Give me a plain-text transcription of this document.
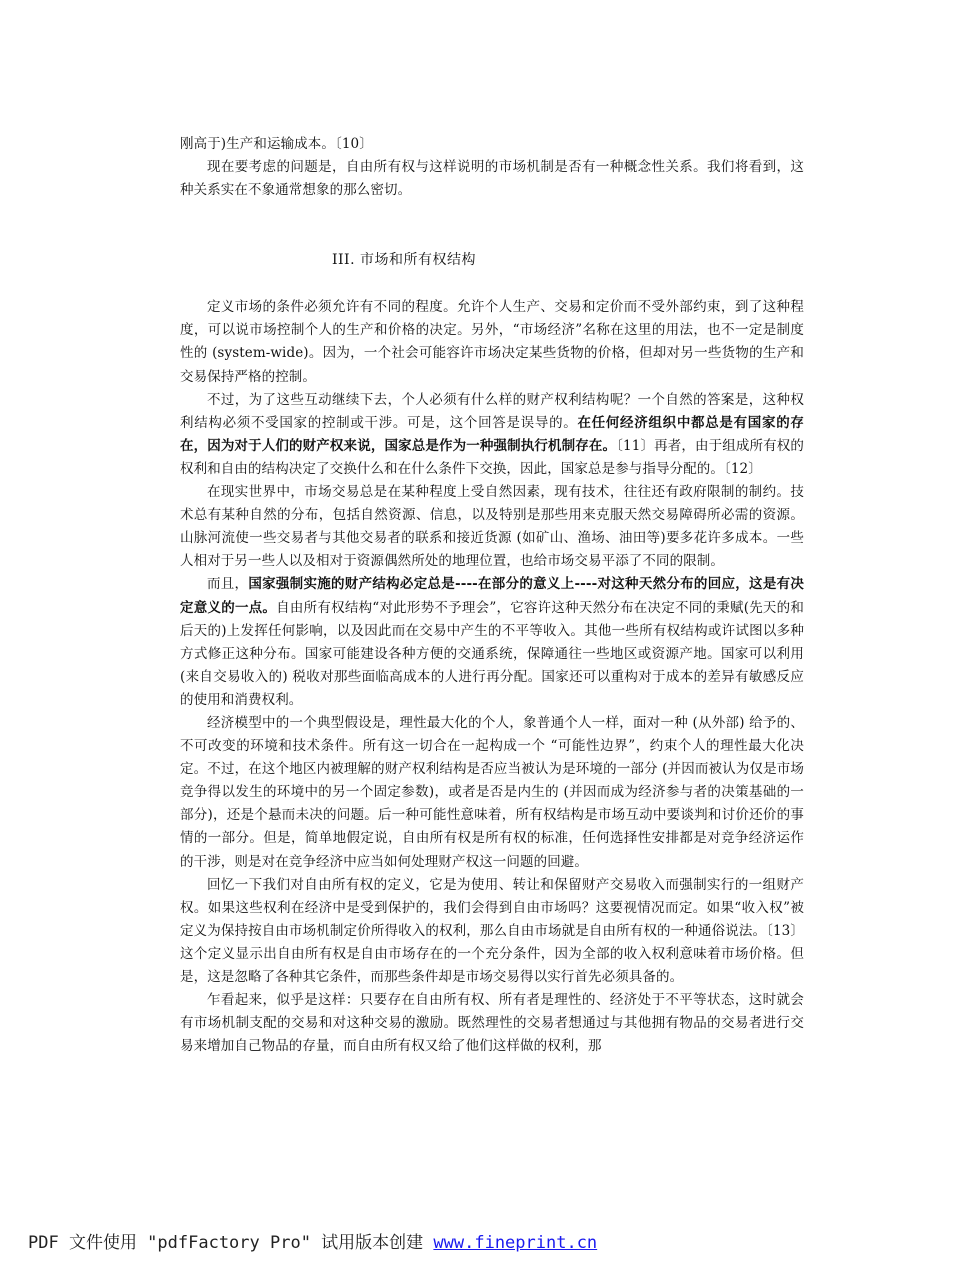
刚高于)生产和运输成本。〔10〕

现在要考虑的问题是，自由所有权与这样说明的市场机制是否有一种概念性关系。我们将看到，这种关系实在不象通常想象的那么密切。

III. 市场和所有权结构

定义市场的条件必须允许有不同的程度。允许个人生产、交易和定价而不受外部约束，到了这种程度，可以说市场控制个人的生产和价格的决定。另外，“市场经济”名称在这里的用法，也不一定是制度性的 (system-wide)。因为，一个社会可能容许市场决定某些货物的价格，但却对另一些货物的生产和交易保持严格的控制。

不过，为了这些互动继续下去，个人必须有什么样的财产权利结构呢？一个自然的答案是，这种权利结构必须不受国家的控制或干涉。可是，这个回答是误导的。在任何经济组织中都总是有国家的存在，因为对于人们的财产权来说，国家总是作为一种强制执行机制存在。〔11〕再者，由于组成所有权的权利和自由的结构决定了交换什么和在什么条件下交换，因此，国家总是参与指导分配的。〔12〕

在现实世界中，市场交易总是在某种程度上受自然因素，现有技术，往往还有政府限制的制约。技术总有某种自然的分布，包括自然资源、信息，以及特别是那些用来克服天然交易障碍所必需的资源。山脉河流使一些交易者与其他交易者的联系和接近货源 (如矿山、渔场、油田等)要多花许多成本。一些人相对于另一些人以及相对于资源偶然所处的地理位置，也给市场交易平添了不同的限制。

而且，国家强制实施的财产结构必定总是----在部分的意义上----对这种天然分布的回应，这是有决定意义的一点。自由所有权结构“对此形势不予理会”，它容许这种天然分布在决定不同的秉赋(先天的和后天的)上发挥任何影响，以及因此而在交易中产生的不平等收入。其他一些所有权结构或许试图以多种方式修正这种分布。国家可能建设各种方便的交通系统，保障通往一些地区或资源产地。国家可以利用 (来自交易收入的) 税收对那些面临高成本的人进行再分配。国家还可以重构对于成本的差异有敏感反应的使用和消费权利。

经济模型中的一个典型假设是，理性最大化的个人，象普通个人一样，面对一种 (从外部) 给予的、不可改变的环境和技术条件。所有这一切合在一起构成一个 “可能性边界”，约束个人的理性最大化决定。不过，在这个地区内被理解的财产权利结构是否应当被认为是环境的一部分 (并因而被认为仅是市场竞争得以发生的环境中的另一个固定参数)，或者是否是内生的 (并因而成为经济参与者的决策基础的一部分)，还是个悬而未决的问题。后一种可能性意味着，所有权结构是市场互动中要谈判和讨价还价的事情的一部分。但是，简单地假定说，自由所有权是所有权的标准，任何选择性安排都是对竞争经济运作的干涉，则是对在竞争经济中应当如何处理财产权这一问题的回避。

回忆一下我们对自由所有权的定义，它是为使用、转让和保留财产交易收入而强制实行的一组财产权。如果这些权利在经济中是受到保护的，我们会得到自由市场吗？这要视情况而定。如果“收入权”被定义为保持按自由市场机制定价所得收入的权利，那么自由市场就是自由所有权的一种通俗说法。〔13〕这个定义显示出自由所有权是自由市场存在的一个充分条件，因为全部的收入权利意味着市场价格。但是，这是忽略了各种其它条件，而那些条件却是市场交易得以实行首先必须具备的。

乍看起来，似乎是这样：只要存在自由所有权、所有者是理性的、经济处于不平等状态，这时就会有市场机制支配的交易和对这种交易的激励。既然理性的交易者想通过与其他拥有物品的交易者进行交易来增加自己物品的存量，而自由所有权又给了他们这样做的权利，那

PDF 文件使用 "pdfFactory Pro" 试用版本创建 www.fineprint.cn
